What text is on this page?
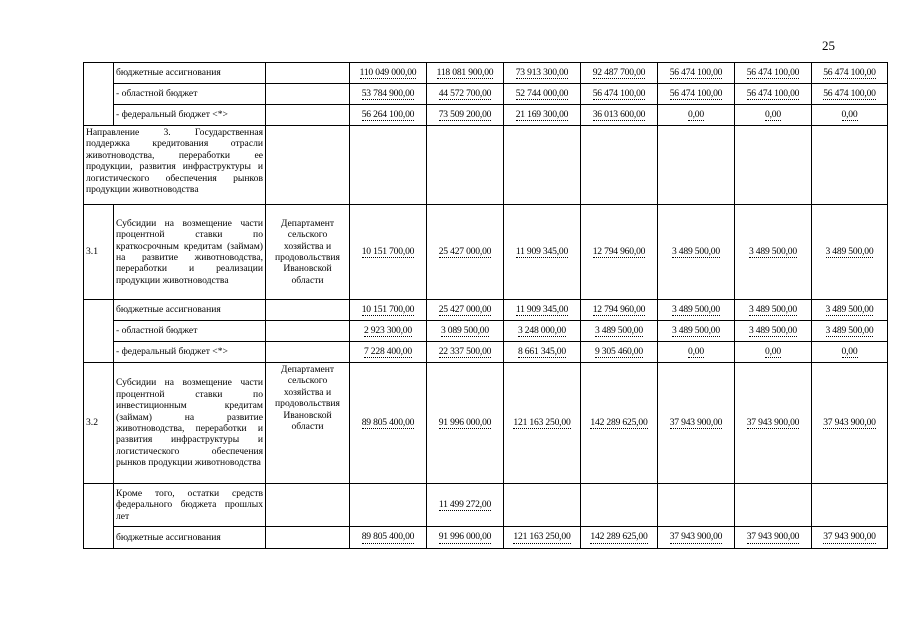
25
	бюджетные ассигнования		110 049 000,00	118 081 900,00	73 913 300,00	92 487 700,00	56 474 100,00	56 474 100,00	56 474 100,00
	- областной бюджет		53 784 900,00	44 572 700,00	52 744 000,00	56 474 100,00	56 474 100,00	56 474 100,00	56 474 100,00
	- федеральный бюджет <*>		56 264 100,00	73 509 200,00	21 169 300,00	36 013 600,00	0,00	0,00	0,00
Направление 3. Государственная поддержка кредитования отрасли животноводства, переработки ее продукции, развития инфраструктуры и логистического обеспечения рынков продукции животноводства									
3.1	Субсидии на возмещение части процентной ставки по краткосрочным кредитам (займам) на развитие животноводства, переработки и реализации продукции животноводства	Департамент сельского хозяйства и продовольствия Ивановской области	10 151 700,00	25 427 000,00	11 909 345,00	12 794 960,00	3 489 500,00	3 489 500,00	3 489 500,00
	бюджетные ассигнования		10 151 700,00	25 427 000,00	11 909 345,00	12 794 960,00	3 489 500,00	3 489 500,00	3 489 500,00
	- областной бюджет		2 923 300,00	3 089 500,00	3 248 000,00	3 489 500,00	3 489 500,00	3 489 500,00	3 489 500,00
	- федеральный бюджет <*>		7 228 400,00	22 337 500,00	8 661 345,00	9 305 460,00	0,00	0,00	0,00
3.2	Субсидии на возмещение части процентной ставки по инвестиционным кредитам (займам) на развитие животноводства, переработки и развития инфраструктуры и логистического обеспечения рынков продукции животноводства	Департамент сельского хозяйства и продовольствия Ивановской области	89 805 400,00	91 996 000,00	121 163 250,00	142 289 625,00	37 943 900,00	37 943 900,00	37 943 900,00
	Кроме того, остатки средств федерального бюджета прошлых лет			11 499 272,00	

	бюджетные ассигнования		89 805 400,00	91 996 000,00	121 163 250,00	142 289 625,00	37 943 900,00	37 943 900,00	37 943 900,00
